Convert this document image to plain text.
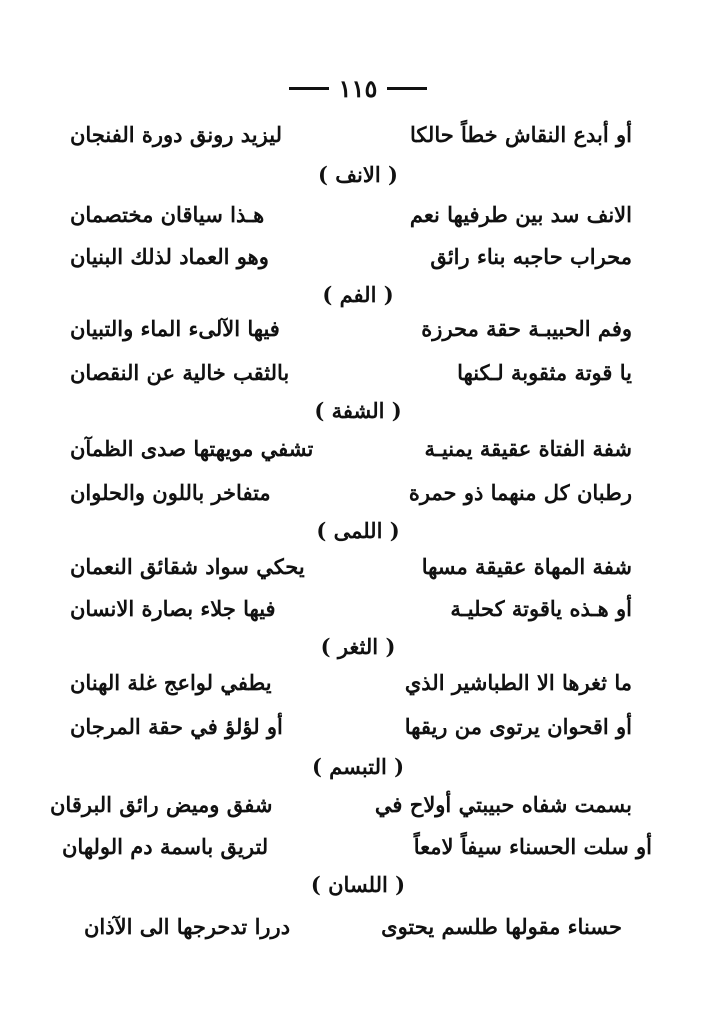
١١٥
أو أبدع النقاش خطاً حالكا
ليزيد رونق دورة الفنجان
( الانف )
الانف سد بين طرفيها نعم
هـذا سياقان مختصمان
محراب حاجبه بناء رائق
وهو العماد لذلك البنيان
( الفم )
وفم الحبيبـة حقة محرزة
فيها الآلىء الماء والتبيان
يا قوتة مثقوبة لـكنها
بالثقب خالية عن النقصان
( الشفة )
شفة الفتاة عقيقة يمنيـة
تشفي مويهتها صدى الظمآن
رطبان كل منهما ذو حمرة
متفاخر باللون والحلوان
( اللمى )
شفة المهاة عقيقة مسها
يحكي سواد شقائق النعمان
أو هـذه ياقوتة كحليـة
فيها جلاء بصارة الانسان
( الثغر )
ما ثغرها الا الطباشير الذي
يطفي لواعج غلة الهنان
أو اقحوان يرتوى من ريقها
أو لؤلؤ في حقة المرجان
( التبسم )
بسمت شفاه حبيبتي أولاح في
شفق وميض رائق البرقان
أو سلت الحسناء سيفاً لامعاً
لتريق باسمة دم الولهان
( اللسان )
حسناء مقولها طلسم يحتوى
دررا تدحرجها الى الآذان
